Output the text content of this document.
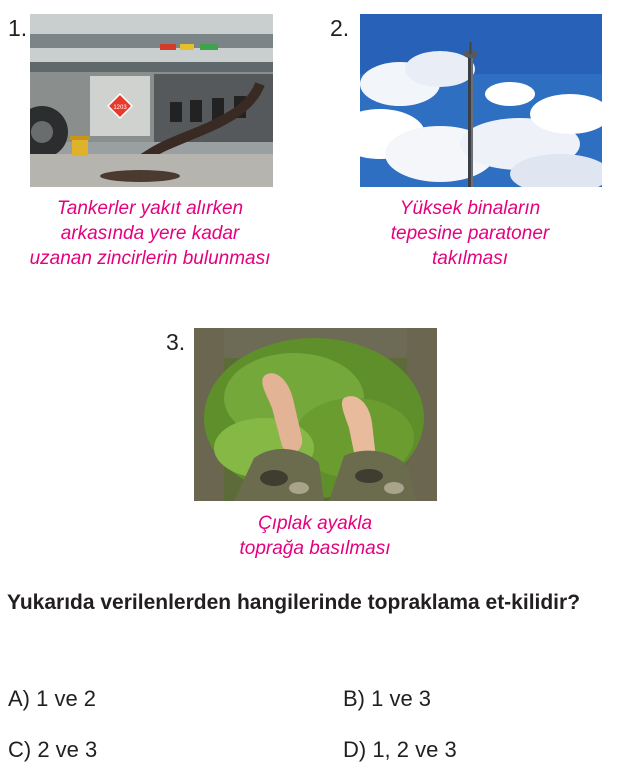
1.
1203
Tankerler yakıt alırken
arkasında yere kadar
uzanan zincirlerin bulunması
2.
Yüksek binaların
tepesine paratoner
takılması
3.
Çıplak ayakla
toprağa basılması
Yukarıda verilenlerden hangilerinde topraklama et-kilidir?
A) 1 ve 2	B) 1 ve 3
C) 2 ve 3	D) 1, 2 ve 3
